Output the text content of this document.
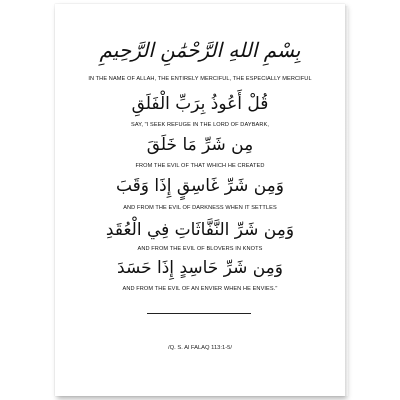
بِسْمِ اللهِ الرَّحْمَٰنِ الرَّحِيمِ
IN THE NAME OF ALLAH, THE ENTIRELY MERCIFUL, THE ESPECIALLY MERCIFUL
قُلْ أَعُوذُ بِرَبِّ الْفَلَقِ
SAY, "I SEEK REFUGE IN THE LORD OF DAYBARK,
مِن شَرِّ مَا خَلَقَ
FROM THE EVIL OF THAT WHICH HE CREATED
وَمِن شَرِّ غَاسِقٍ إِذَا وَقَبَ
AND FROM THE EVIL OF DARKNESS WHEN IT SETTLES
وَمِن شَرِّ النَّفَّاثَاتِ فِي الْعُقَدِ
AND FROM THE EVIL OF BLOVERS IN KNOTS
وَمِن شَرِّ حَاسِدٍ إِذَا حَسَدَ
AND FROM THE EVIL OF AN ENVIER WHEN HE ENVIES."
/Q. S. Al FALAQ 113:1-5/
